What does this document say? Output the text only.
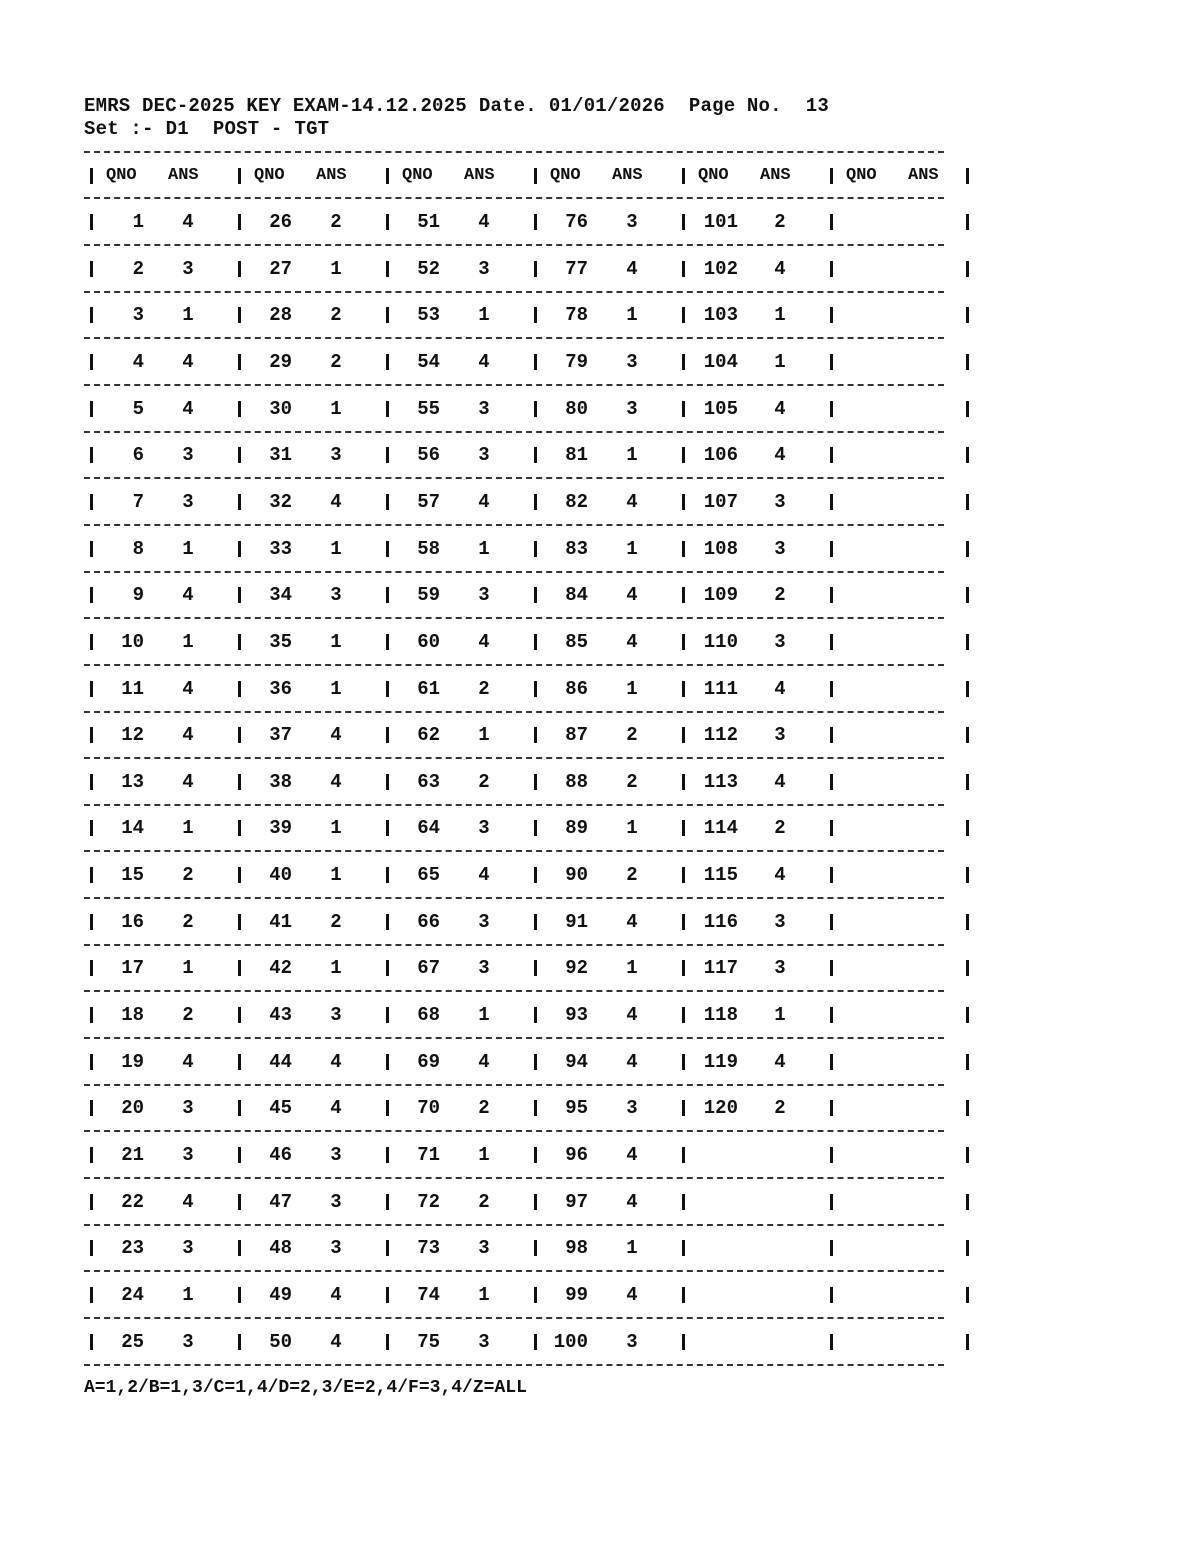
EMRS DEC-2025 KEY EXAM-14.12.2025 Date. 01/01/2026 Page No. 13
Set :- D1 POST - TGT
QNO ANS	QNO ANS	QNO ANS	QNO ANS	QNO ANS	QNO ANS
1	4	26	2	51	4	76	3	101	2
2	3	27	1	52	3	77	4	102	4
3	1	28	2	53	1	78	1	103	1
4	4	29	2	54	4	79	3	104	1
5	4	30	1	55	3	80	3	105	4
6	3	31	3	56	3	81	1	106	4
7	3	32	4	57	4	82	4	107	3
8	1	33	1	58	1	83	1	108	3
9	4	34	3	59	3	84	4	109	2
10	1	35	1	60	4	85	4	110	3
11	4	36	1	61	2	86	1	111	4
12	4	37	4	62	1	87	2	112	3
13	4	38	4	63	2	88	2	113	4
14	1	39	1	64	3	89	1	114	2
15	2	40	1	65	4	90	2	115	4
16	2	41	2	66	3	91	4	116	3
17	1	42	1	67	3	92	1	117	3
18	2	43	3	68	1	93	4	118	1
19	4	44	4	69	4	94	4	119	4
20	3	45	4	70	2	95	3	120	2
21	3	46	3	71	1	96	4
22	4	47	3	72	2	97	4
23	3	48	3	73	3	98	1
24	1	49	4	74	1	99	4
25	3	50	4	75	3	100	3
A=1,2/B=1,3/C=1,4/D=2,3/E=2,4/F=3,4/Z=ALL
